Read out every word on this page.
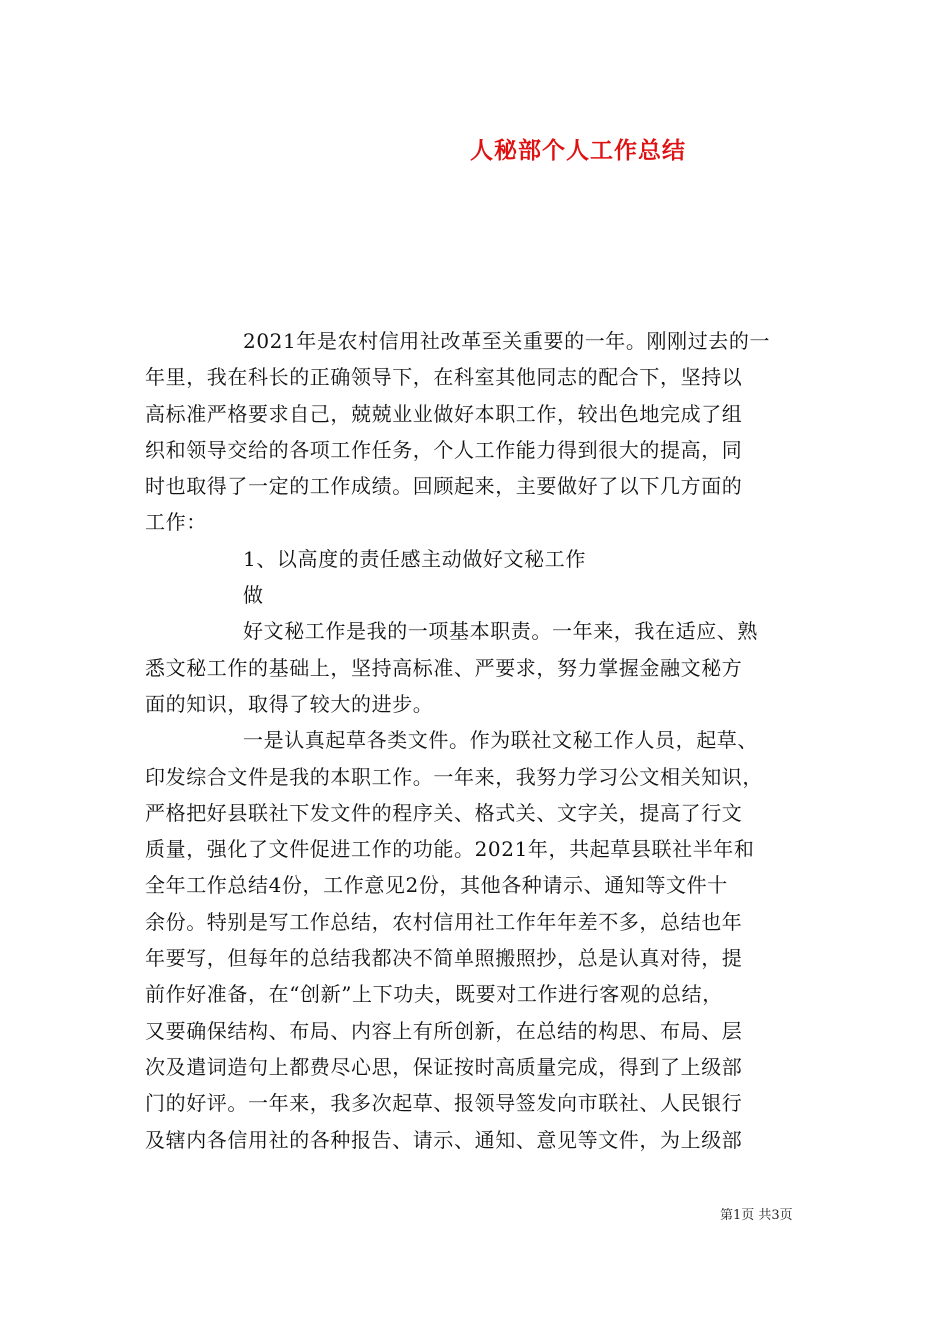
人秘部个人工作总结
2021年是农村信用社改革至关重要的一年。刚刚过去的一
年里，我在科长的正确领导下，在科室其他同志的配合下，坚持以
高标准严格要求自己，兢兢业业做好本职工作，较出色地完成了组
织和领导交给的各项工作任务，个人工作能力得到很大的提高，同
时也取得了一定的工作成绩。回顾起来，主要做好了以下几方面的
工作：
1、以高度的责任感主动做好文秘工作
做
好文秘工作是我的一项基本职责。一年来，我在适应、熟
悉文秘工作的基础上，坚持高标准、严要求，努力掌握金融文秘方
面的知识，取得了较大的进步。
一是认真起草各类文件。作为联社文秘工作人员，起草、
印发综合文件是我的本职工作。一年来，我努力学习公文相关知识，
严格把好县联社下发文件的程序关、格式关、文字关，提高了行文
质量，强化了文件促进工作的功能。2021年，共起草县联社半年和
全年工作总结4份，工作意见2份，其他各种请示、通知等文件十
余份。特别是写工作总结，农村信用社工作年年差不多，总结也年
年要写，但每年的总结我都决不简单照搬照抄，总是认真对待，提
前作好准备，在“创新”上下功夫，既要对工作进行客观的总结，
又要确保结构、布局、内容上有所创新，在总结的构思、布局、层
次及遣词造句上都费尽心思，保证按时高质量完成，得到了上级部
门的好评。一年来，我多次起草、报领导签发向市联社、人民银行
及辖内各信用社的各种报告、请示、通知、意见等文件，为上级部
第1页 共3页
